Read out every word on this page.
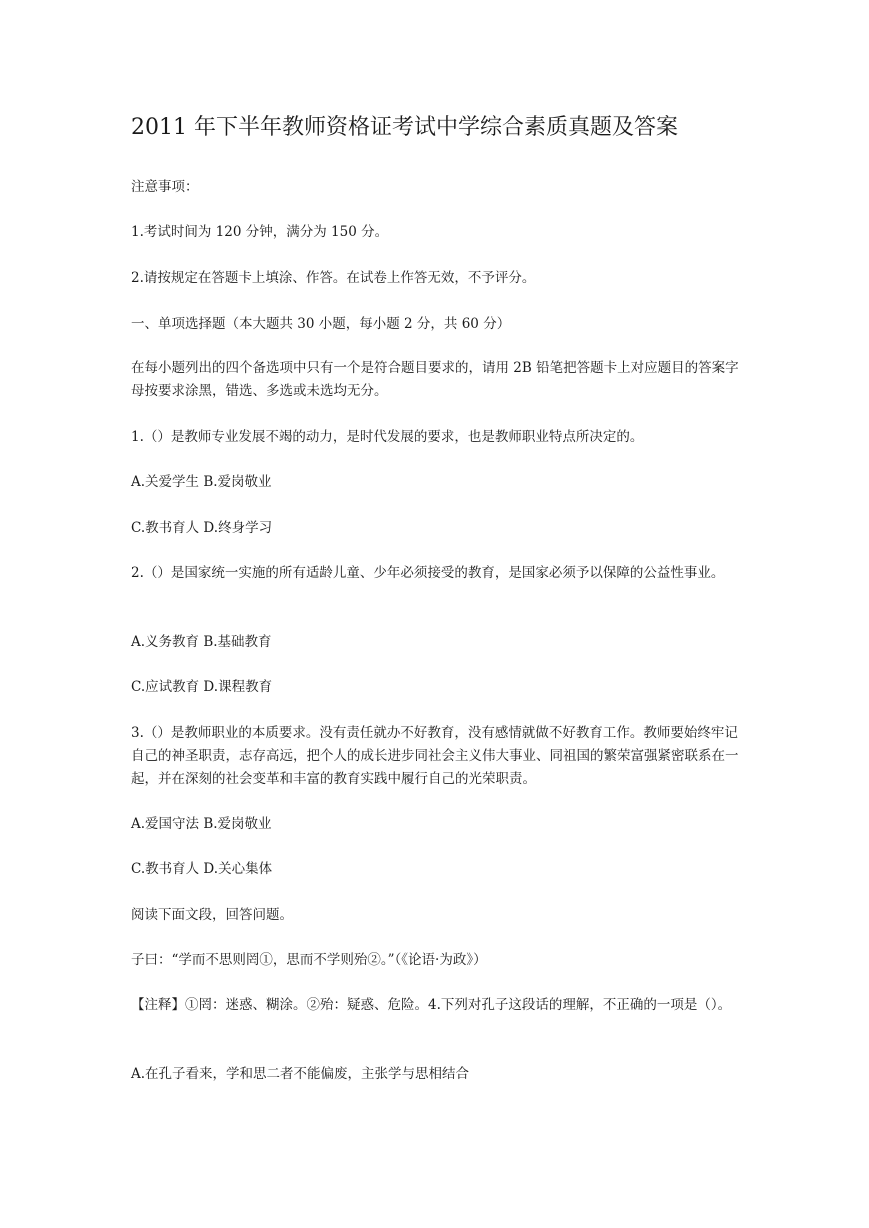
2011 年下半年教师资格证考试中学综合素质真题及答案

注意事项：

1.考试时间为 120 分钟，满分为 150 分。

2.请按规定在答题卡上填涂、作答。在试卷上作答无效，不予评分。

一、单项选择题（本大题共 30 小题，每小题 2 分，共 60 分）

在每小题列出的四个备选项中只有一个是符合题目要求的，请用 2B 铅笔把答题卡上对应题目的答案字母按要求涂黑，错选、多选或未选均无分。

1.（）是教师专业发展不竭的动力，是时代发展的要求，也是教师职业特点所决定的。

A.关爱学生 B.爱岗敬业

C.教书育人 D.终身学习

2.（）是国家统一实施的所有适龄儿童、少年必须接受的教育，是国家必须予以保障的公益性事业。

A.义务教育 B.基础教育

C.应试教育 D.课程教育

3.（）是教师职业的本质要求。没有责任就办不好教育，没有感情就做不好教育工作。教师要始终牢记自己的神圣职责，志存高远，把个人的成长进步同社会主义伟大事业、同祖国的繁荣富强紧密联系在一起，并在深刻的社会变革和丰富的教育实践中履行自己的光荣职责。

A.爱国守法 B.爱岗敬业

C.教书育人 D.关心集体

阅读下面文段，回答问题。

子曰：“学而不思则罔①，思而不学则殆②。”（《论语·为政》）

【注释】①罔：迷惑、糊涂。②殆：疑惑、危险。4.下列对孔子这段话的理解，不正确的一项是（）。

A.在孔子看来，学和思二者不能偏废，主张学与思相结合
